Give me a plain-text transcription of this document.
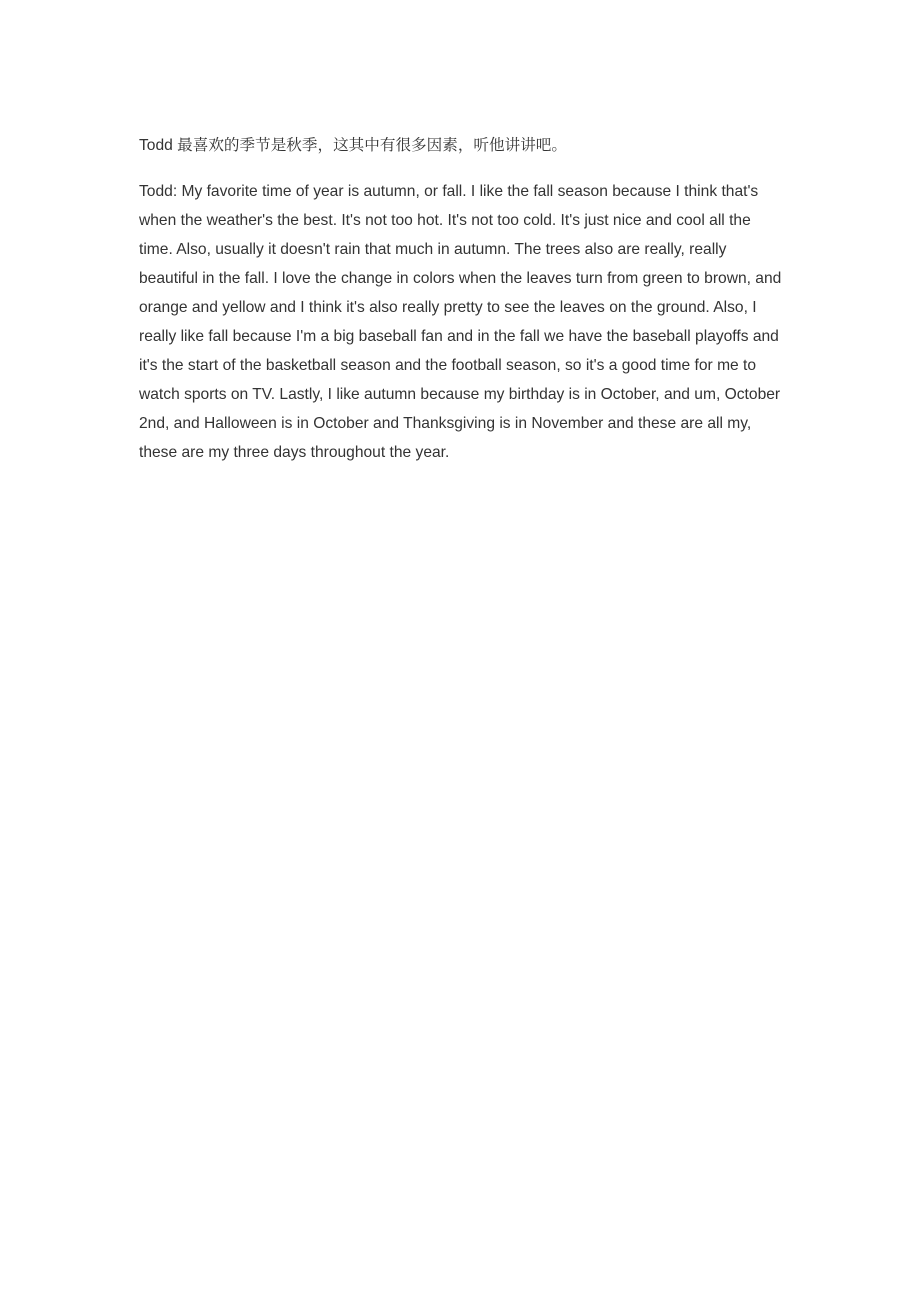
Todd 最喜欢的季节是秋季，这其中有很多因素，听他讲讲吧。

Todd: My favorite time of year is autumn, or fall. I like the fall season because I think that's when the weather's the best. It's not too hot. It's not too cold. It's just nice and cool all the time. Also, usually it doesn't rain that much in autumn. The trees also are really, really beautiful in the fall. I love the change in colors when the leaves turn from green to brown, and orange and yellow and I think it's also really pretty to see the leaves on the ground. Also, I really like fall because I'm a big baseball fan and in the fall we have the baseball playoffs and it's the start of the basketball season and the football season, so it's a good time for me to watch sports on TV. Lastly, I like autumn because my birthday is in October, and um, October 2nd, and Halloween is in October and Thanksgiving is in November and these are all my, these are my three days throughout the year.
